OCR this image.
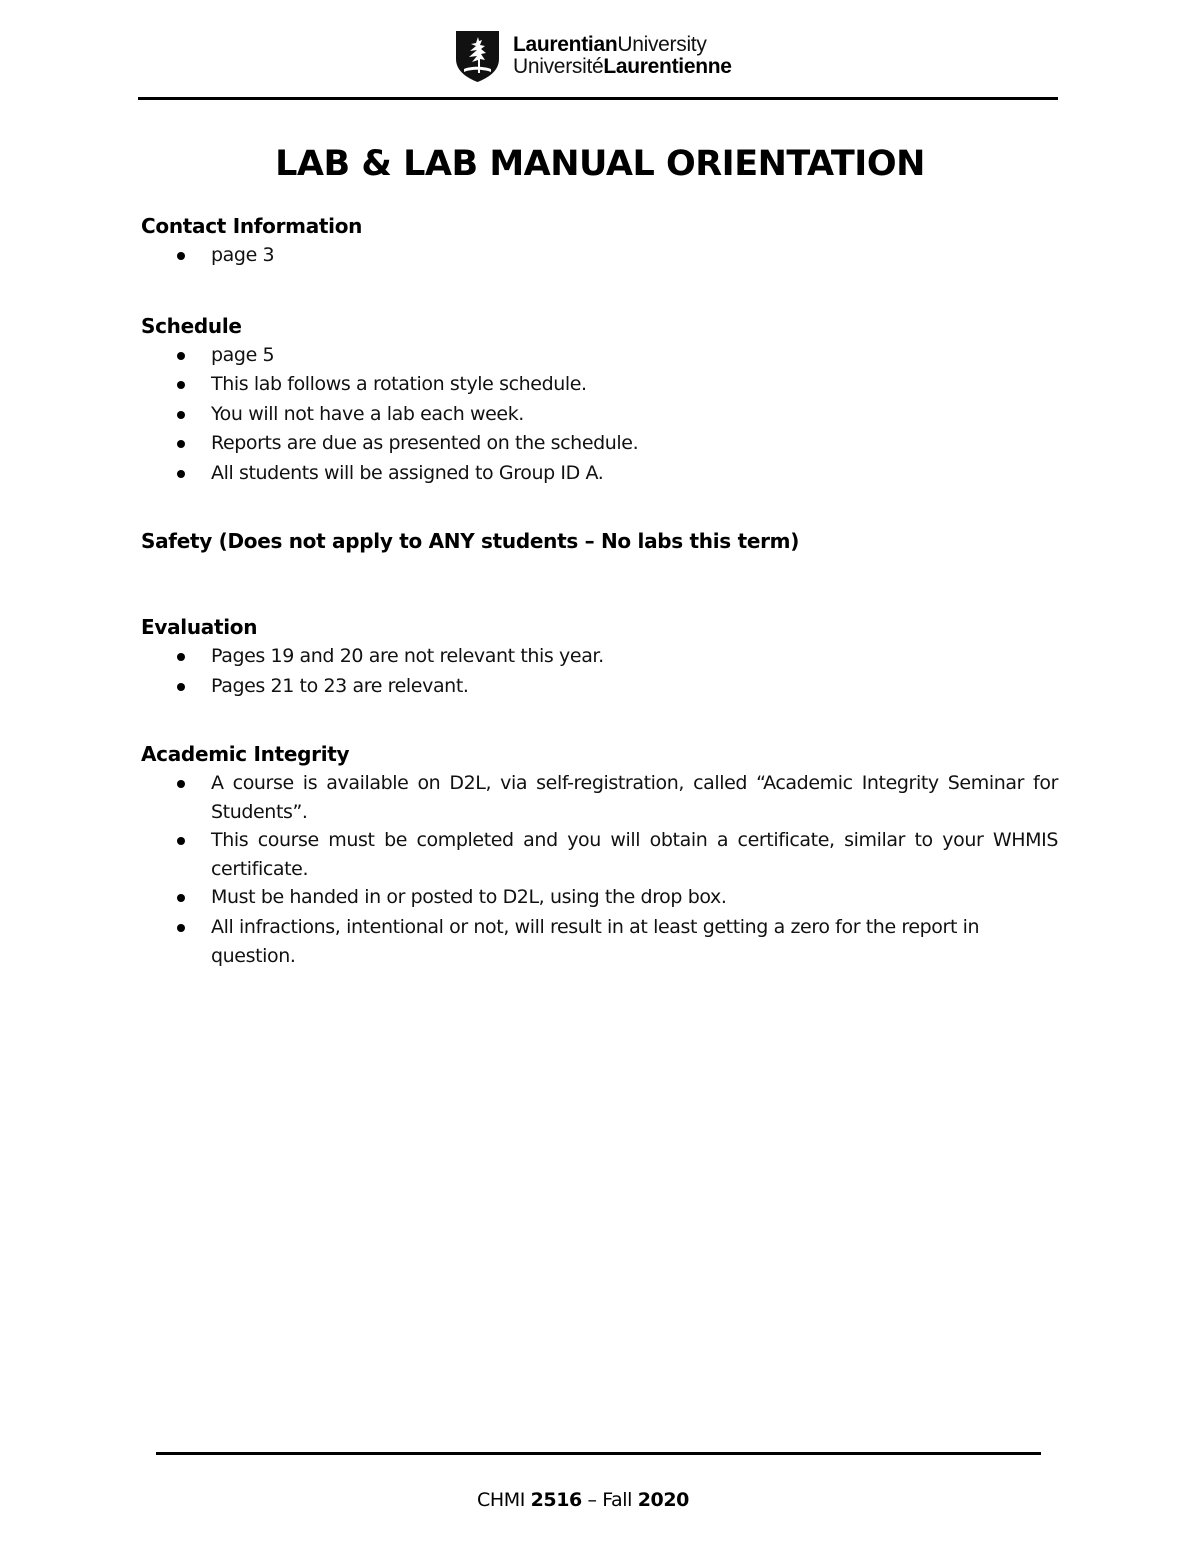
LaurentianUniversity
UniversitéLaurentienne
LAB & LAB MANUAL ORIENTATION
Contact Information
page 3
Schedule
page 5
This lab follows a rotation style schedule.
You will not have a lab each week.
Reports are due as presented on the schedule.
All students will be assigned to Group ID A.
Safety (Does not apply to ANY students – No labs this term)
Evaluation
Pages 19 and 20 are not relevant this year.
Pages 21 to 23 are relevant.
Academic Integrity
A course is available on D2L, via self-registration, called “Academic Integrity Seminar for Students”.
This course must be completed and you will obtain a certificate, similar to your WHMIS certificate.
Must be handed in or posted to D2L, using the drop box.
All infractions, intentional or not, will result in at least getting a zero for the report in question.
CHMI 2516 – Fall 2020
